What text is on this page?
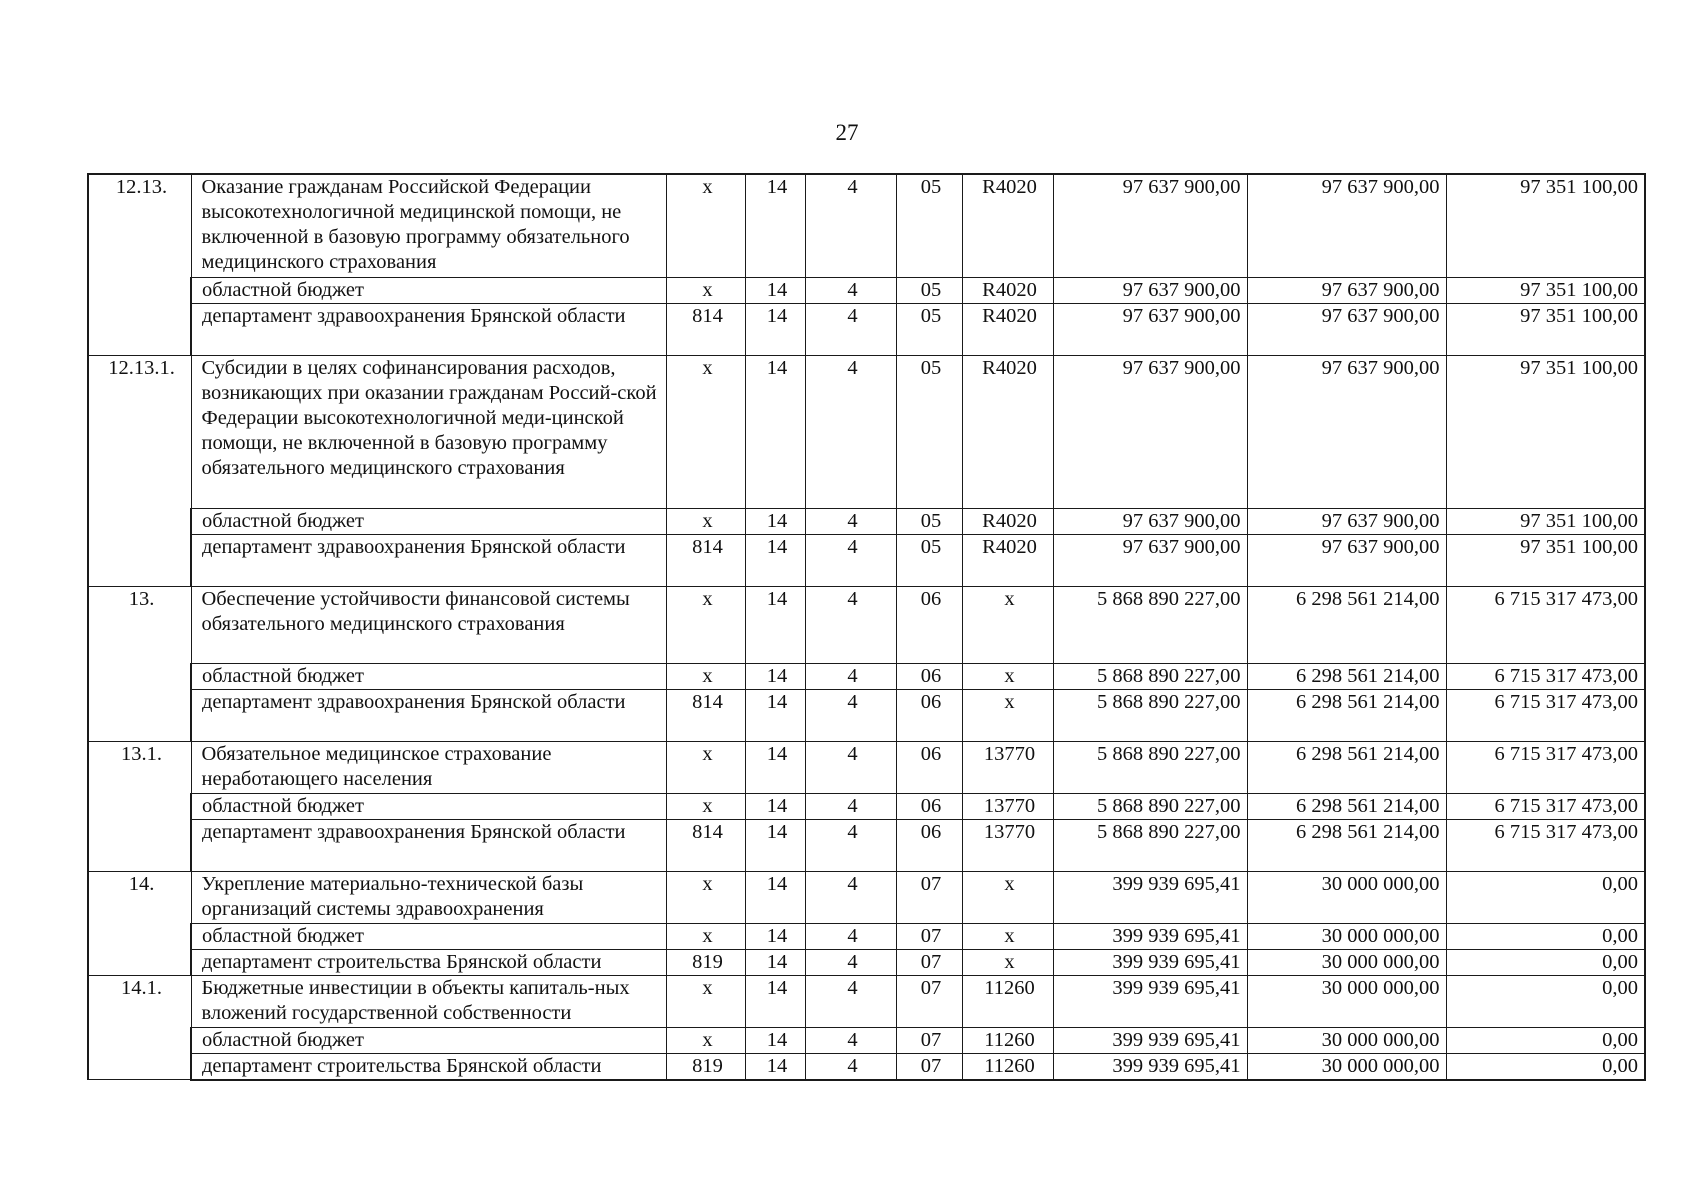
27
12.13.	Оказание гражданам Российской Федерации высокотехнологичной медицинской помощи, не включенной в базовую программу обязательного медицинского страхования	х	14	4	05	R4020	97 637 900,00	97 637 900,00	97 351 100,00
	областной бюджет	х	14	4	05	R4020	97 637 900,00	97 637 900,00	97 351 100,00
	департамент здравоохранения Брянской области	814	14	4	05	R4020	97 637 900,00	97 637 900,00	97 351 100,00
12.13.1.	Субсидии в целях софинансирования расходов, возникающих при оказании гражданам Россий-ской Федерации высокотехнологичной меди-цинской помощи, не включенной в базовую программу обязательного медицинского страхования	х	14	4	05	R4020	97 637 900,00	97 637 900,00	97 351 100,00
	областной бюджет	х	14	4	05	R4020	97 637 900,00	97 637 900,00	97 351 100,00
	департамент здравоохранения Брянской области	814	14	4	05	R4020	97 637 900,00	97 637 900,00	97 351 100,00
13.	Обеспечение устойчивости финансовой системы обязательного медицинского страхования	х	14	4	06	х	5 868 890 227,00	6 298 561 214,00	6 715 317 473,00
	областной бюджет	х	14	4	06	х	5 868 890 227,00	6 298 561 214,00	6 715 317 473,00
	департамент здравоохранения Брянской области	814	14	4	06	х	5 868 890 227,00	6 298 561 214,00	6 715 317 473,00
13.1.	Обязательное медицинское страхование неработающего населения	х	14	4	06	13770	5 868 890 227,00	6 298 561 214,00	6 715 317 473,00
	областной бюджет	х	14	4	06	13770	5 868 890 227,00	6 298 561 214,00	6 715 317 473,00
	департамент здравоохранения Брянской области	814	14	4	06	13770	5 868 890 227,00	6 298 561 214,00	6 715 317 473,00
14.	Укрепление материально-технической базы организаций системы здравоохранения	х	14	4	07	х	399 939 695,41	30 000 000,00	0,00
	областной бюджет	х	14	4	07	х	399 939 695,41	30 000 000,00	0,00
	департамент строительства Брянской области	819	14	4	07	х	399 939 695,41	30 000 000,00	0,00
14.1.	Бюджетные инвестиции в объекты капиталь-ных вложений государственной собственности	х	14	4	07	11260	399 939 695,41	30 000 000,00	0,00
	областной бюджет	х	14	4	07	11260	399 939 695,41	30 000 000,00	0,00
	департамент строительства Брянской области	819	14	4	07	11260	399 939 695,41	30 000 000,00	0,00
